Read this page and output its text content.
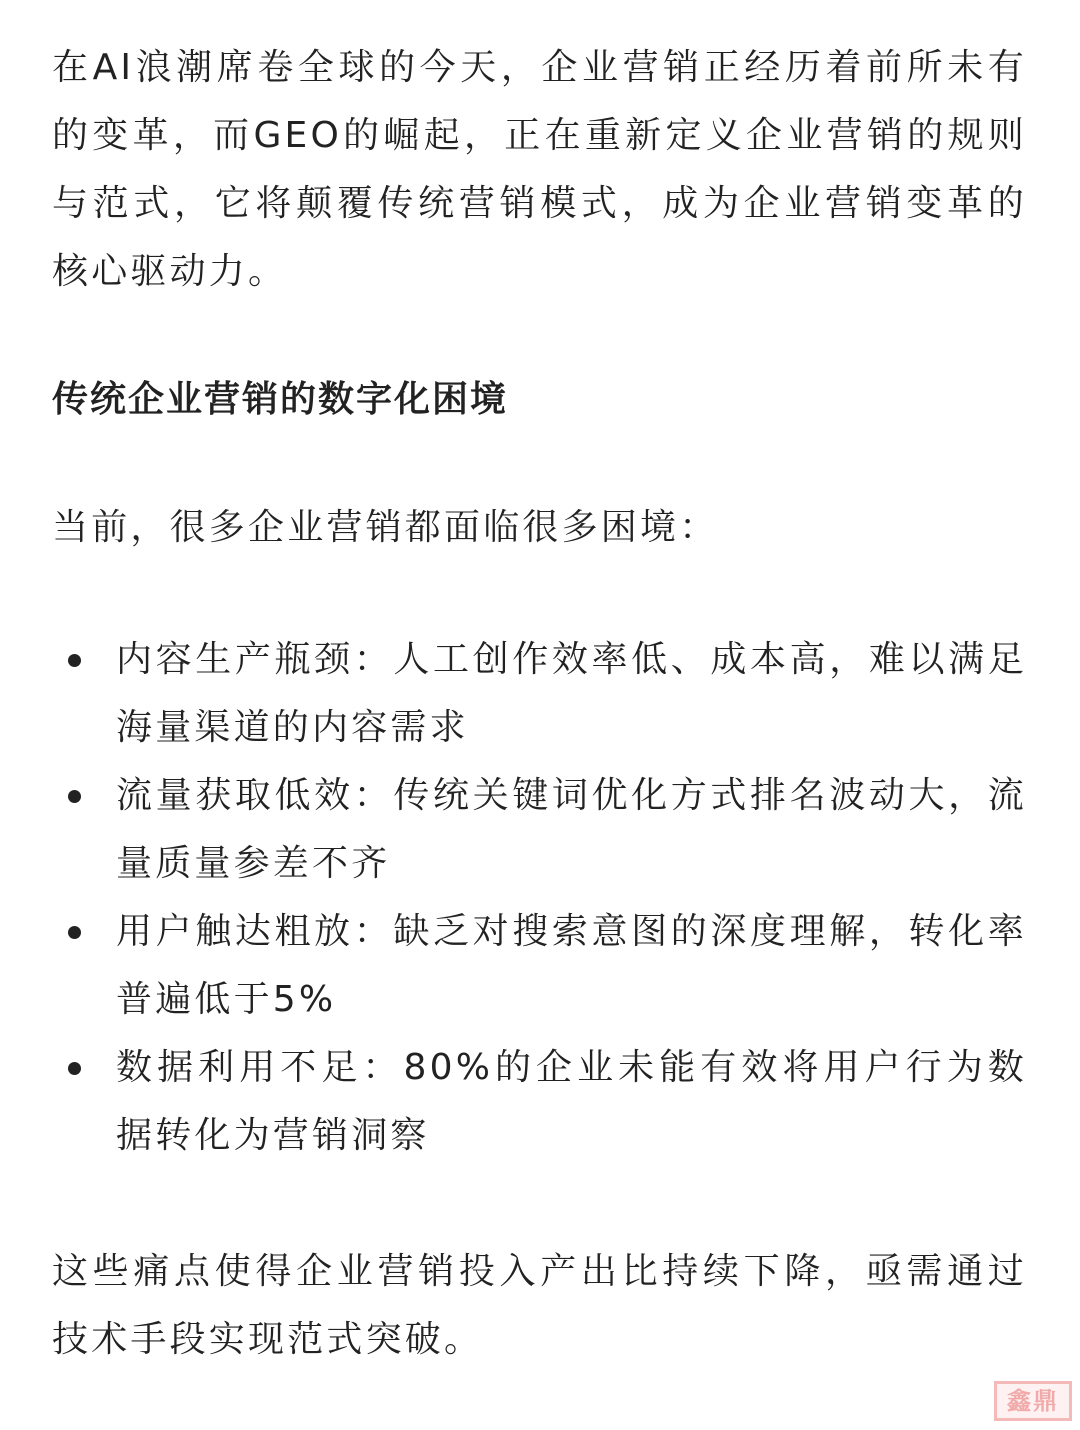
在AI浪潮席卷全球的今天，企业营销正经历着前所未有的变革，而GEO的崛起，正在重新定义企业营销的规则与范式，它将颠覆传统营销模式，成为企业营销变革的核心驱动力。

传统企业营销的数字化困境

当前，很多企业营销都面临很多困境：

内容生产瓶颈：人工创作效率低、成本高，难以满足海量渠道的内容需求
流量获取低效：传统关键词优化方式排名波动大，流量质量参差不齐
用户触达粗放：缺乏对搜索意图的深度理解，转化率普遍低于5%
数据利用不足：80%的企业未能有效将用户行为数据转化为营销洞察

这些痛点使得企业营销投入产出比持续下降，亟需通过技术手段实现范式突破。

鑫鼎
